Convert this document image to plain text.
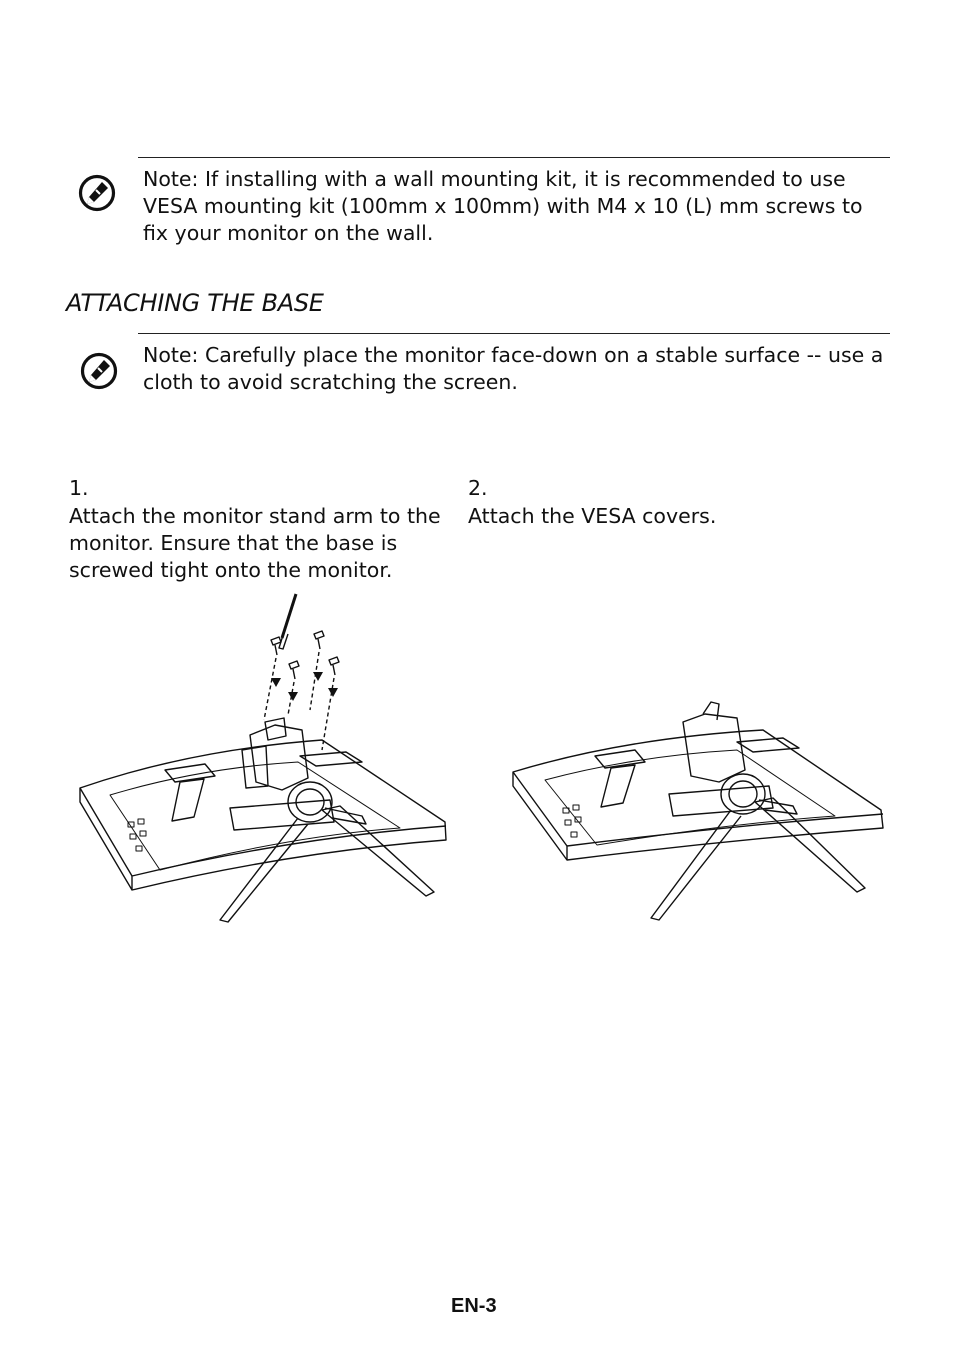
Note: If installing with a wall mounting kit, it is recommended to use VESA mounting kit (100mm x 100mm) with M4 x 10 (L) mm screws to fix your monitor on the wall.
ATTACHING THE BASE
Note: Carefully place the monitor face-down on a stable surface -- use a cloth to avoid scratching the screen.
1.
Attach the monitor stand arm to the monitor. Ensure that the base is screwed tight onto the monitor.
2.
Attach the VESA covers.
EN-3
